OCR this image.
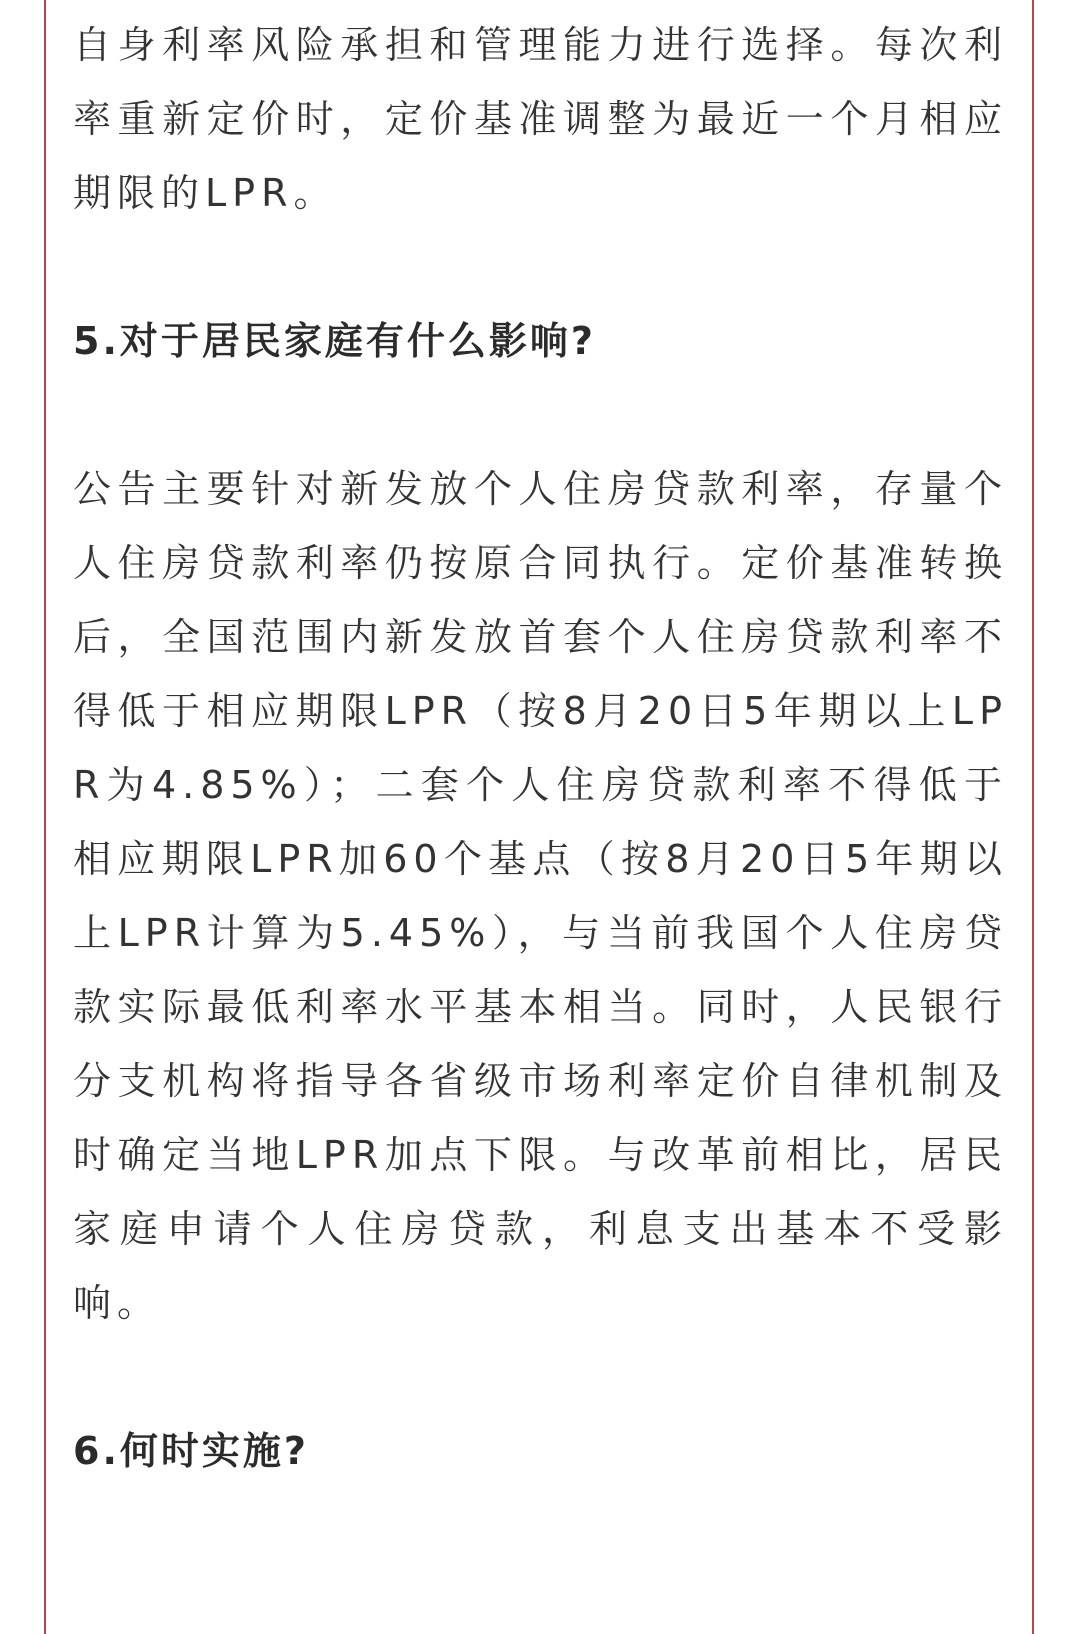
自身利率风险承担和管理能力进行选择。每次利率重新定价时，定价基准调整为最近一个月相应期限的LPR。

5.对于居民家庭有什么影响?

公告主要针对新发放个人住房贷款利率，存量个人住房贷款利率仍按原合同执行。定价基准转换后，全国范围内新发放首套个人住房贷款利率不得低于相应期限LPR（按8月20日5年期以上LPR为4.85%）；二套个人住房贷款利率不得低于相应期限LPR加60个基点（按8月20日5年期以上LPR计算为5.45%），与当前我国个人住房贷款实际最低利率水平基本相当。同时，人民银行分支机构将指导各省级市场利率定价自律机制及时确定当地LPR加点下限。与改革前相比，居民家庭申请个人住房贷款，利息支出基本不受影响。

6.何时实施?
